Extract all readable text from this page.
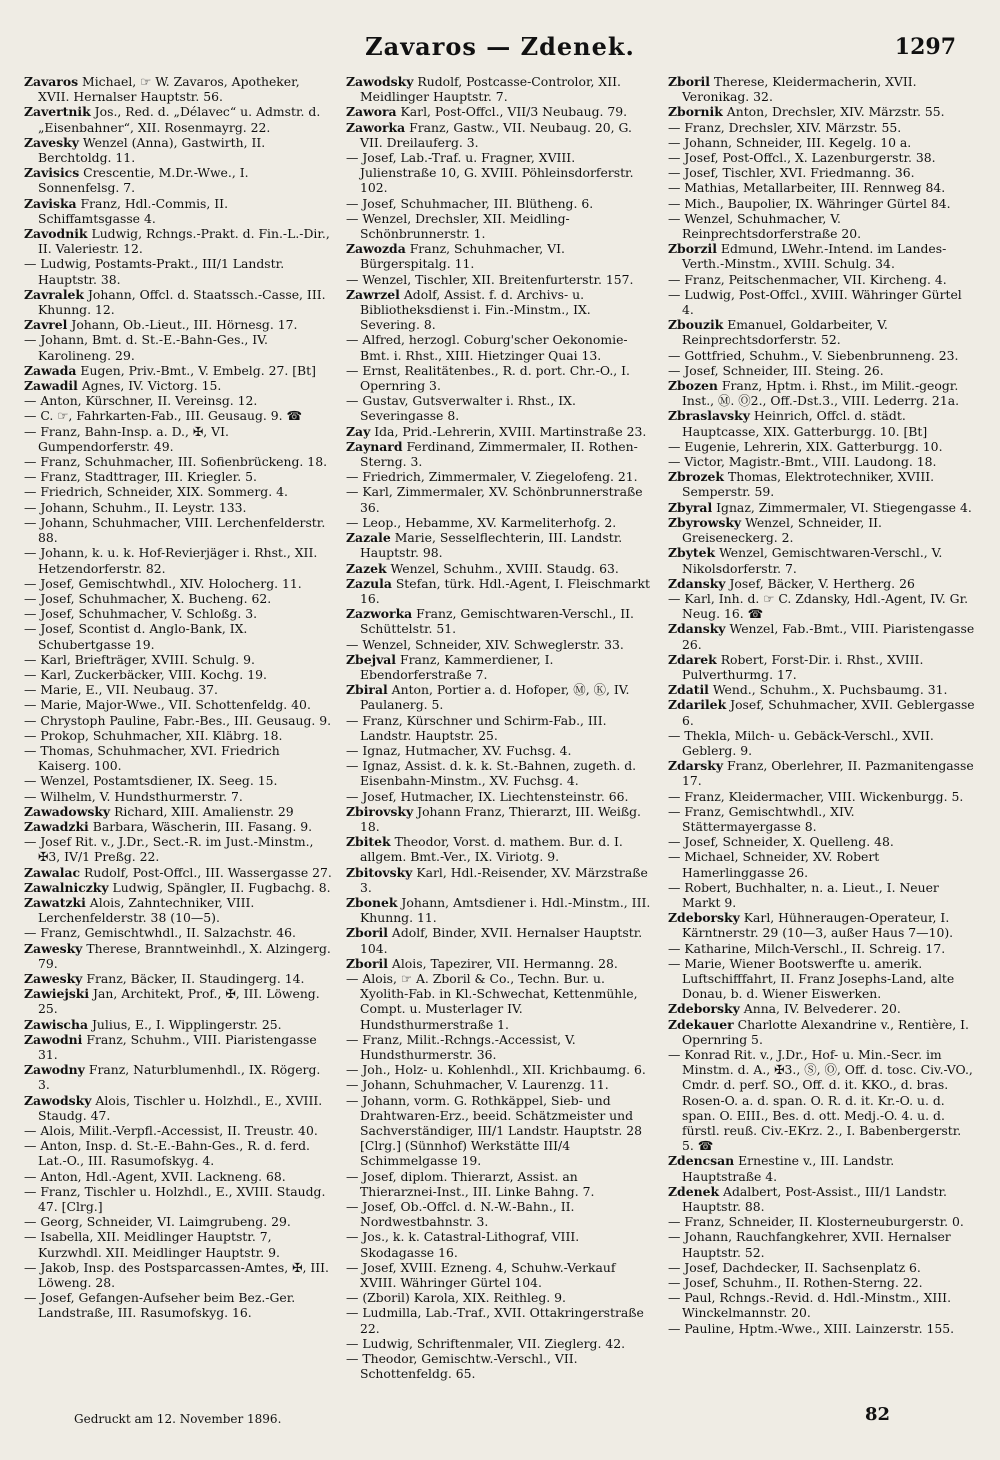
Zavaros — Zdenek.	1297

Zavaros Michael, ☞ W. Zavaros, Apotheker, XVII. Hernalser Hauptstr. 56.

Zavertnik Jos., Red. d. „Délavec“ u. Admstr. d. „Eisenbahner“, XII. Rosenmayrg. 22.

Zavesky Wenzel (Anna), Gastwirth, II. Berchtoldg. 11.

Zavisics Crescentie, M.Dr.-Wwe., I. Sonnenfelsg. 7.

Zaviska Franz, Hdl.-Commis, II. Schiffamtsgasse 4.

Zavodnik Ludwig, Rchngs.-Prakt. d. Fin.-L.-Dir., II. Valeriestr. 12.

— Ludwig, Postamts-Prakt., III/1 Landstr. Hauptstr. 38.

Zavralek Johann, Offcl. d. Staatssch.-Casse, III. Khunng. 12.

Zavrel Johann, Ob.-Lieut., III. Hörnesg. 17.

— Johann, Bmt. d. St.-E.-Bahn-Ges., IV. Karolineng. 29.

Zawada Eugen, Priv.-Bmt., V. Embelg. 27. [Bt]

Zawadil Agnes, IV. Victorg. 15.

— Anton, Kürschner, II. Vereinsg. 12.

— C. ☞, Fahrkarten-Fab., III. Geusaug. 9. ☎

— Franz, Bahn-Insp. a. D., ✠, VI. Gumpendorferstr. 49.

— Franz, Schuhmacher, III. Sofienbrückeng. 18.

— Franz, Stadttrager, III. Kriegler. 5.

— Friedrich, Schneider, XIX. Sommerg. 4.

— Johann, Schuhm., II. Leystr. 133.

— Johann, Schuhmacher, VIII. Lerchenfelderstr. 88.

— Johann, k. u. k. Hof-Revierjäger i. Rhst., XII. Hetzendorferstr. 82.

— Josef, Gemischtwhdl., XIV. Holocherg. 11.

— Josef, Schuhmacher, X. Bucheng. 62.

— Josef, Schuhmacher, V. Schloßg. 3.

— Josef, Scontist d. Anglo-Bank, IX. Schubertgasse 19.

— Karl, Briefträger, XVIII. Schulg. 9.

— Karl, Zuckerbäcker, VIII. Kochg. 19.

— Marie, E., VII. Neubaug. 37.

— Marie, Major-Wwe., VII. Schottenfeldg. 40.

— Chrystoph Pauline, Fabr.-Bes., III. Geusaug. 9.

— Prokop, Schuhmacher, XII. Kläbrg. 18.

— Thomas, Schuhmacher, XVI. Friedrich Kaiserg. 100.

— Wenzel, Postamtsdiener, IX. Seeg. 15.

— Wilhelm, V. Hundsthurmerstr. 7.

Zawadowsky Richard, XIII. Amalienstr. 29

Zawadzki Barbara, Wäscherin, III. Fasang. 9.

— Josef Rit. v., J.Dr., Sect.-R. im Just.-Minstm., ✠3, IV/1 Preßg. 22.

Zawalac Rudolf, Post-Offcl., III. Wassergasse 27.

Zawalniczky Ludwig, Spängler, II. Fugbachg. 8.

Zawatzki Alois, Zahntechniker, VIII. Lerchenfelderstr. 38 (10—5).

— Franz, Gemischtwhdl., II. Salzachstr. 46.

Zawesky Therese, Branntweinhdl., X. Alzingerg. 79.

Zawesky Franz, Bäcker, II. Staudingerg. 14.

Zawiejski Jan, Architekt, Prof., ✠, III. Löweng. 25.

Zawischa Julius, E., I. Wipplingerstr. 25.

Zawodni Franz, Schuhm., VIII. Piaristengasse 31.

Zawodny Franz, Naturblumenhdl., IX. Rögerg. 3.

Zawodsky Alois, Tischler u. Holzhdl., E., XVIII. Staudg. 47.

— Alois, Milit.-Verpfl.-Accessist, II. Treustr. 40.

— Anton, Insp. d. St.-E.-Bahn-Ges., R. d. ferd. Lat.-O., III. Rasumofskyg. 4.

— Anton, Hdl.-Agent, XVII. Lackneng. 68.

— Franz, Tischler u. Holzhdl., E., XVIII. Staudg. 47. [Clrg.]

— Georg, Schneider, VI. Laimgrubeng. 29.

— Isabella, XII. Meidlinger Hauptstr. 7, Kurzwhdl. XII. Meidlinger Hauptstr. 9.

— Jakob, Insp. des Postsparcassen-Amtes, ✠, III. Löweng. 28.

— Josef, Gefangen-Aufseher beim Bez.-Ger. Landstraße, III. Rasumofskyg. 16.

Zawodsky Rudolf, Postcasse-Controlor, XII. Meidlinger Hauptstr. 7.

Zawora Karl, Post-Offcl., VII/3 Neubaug. 79.

Zaworka Franz, Gastw., VII. Neubaug. 20, G. VII. Dreilauferg. 3.

— Josef, Lab.-Traf. u. Fragner, XVIII. Julienstraße 10, G. XVIII. Pöhleinsdorferstr. 102.

— Josef, Schuhmacher, III. Blütheng. 6.

— Wenzel, Drechsler, XII. Meidling-Schönbrunnerstr. 1.

Zawozda Franz, Schuhmacher, VI. Bürgerspitalg. 11.

— Wenzel, Tischler, XII. Breitenfurterstr. 157.

Zawrzel Adolf, Assist. f. d. Archivs- u. Bibliotheksdienst i. Fin.-Minstm., IX. Severing. 8.

— Alfred, herzogl. Coburg'scher Oekonomie-Bmt. i. Rhst., XIII. Hietzinger Quai 13.

— Ernst, Realitätenbes., R. d. port. Chr.-O., I. Opernring 3.

— Gustav, Gutsverwalter i. Rhst., IX. Severingasse 8.

Zay Ida, Prid.-Lehrerin, XVIII. Martinstraße 23.

Zaynard Ferdinand, Zimmermaler, II. Rothen-Sterng. 3.

— Friedrich, Zimmermaler, V. Ziegelofeng. 21.

— Karl, Zimmermaler, XV. Schönbrunnerstraße 36.

— Leop., Hebamme, XV. Karmeliterhofg. 2.

Zazale Marie, Sesselflechterin, III. Landstr. Hauptstr. 98.

Zazek Wenzel, Schuhm., XVIII. Staudg. 63.

Zazula Stefan, türk. Hdl.-Agent, I. Fleischmarkt 16.

Zazworka Franz, Gemischtwaren-Verschl., II. Schüttelstr. 51.

— Wenzel, Schneider, XIV. Schweglerstr. 33.

Zbejval Franz, Kammerdiener, I. Ebendorferstraße 7.

Zbiral Anton, Portier a. d. Hofoper, Ⓜ, Ⓚ, IV. Paulanerg. 5.

— Franz, Kürschner und Schirm-Fab., III. Landstr. Hauptstr. 25.

— Ignaz, Hutmacher, XV. Fuchsg. 4.

— Ignaz, Assist. d. k. k. St.-Bahnen, zugeth. d. Eisenbahn-Minstm., XV. Fuchsg. 4.

— Josef, Hutmacher, IX. Liechtensteinstr. 66.

Zbirovsky Johann Franz, Thierarzt, III. Weißg. 18.

Zbitek Theodor, Vorst. d. mathem. Bur. d. I. allgem. Bmt.-Ver., IX. Viriotg. 9.

Zbitovsky Karl, Hdl.-Reisender, XV. Märzstraße 3.

Zbonek Johann, Amtsdiener i. Hdl.-Minstm., III. Khunng. 11.

Zboril Adolf, Binder, XVII. Hernalser Hauptstr. 104.

Zboril Alois, Tapezirer, VII. Hermanng. 28.

— Alois, ☞ A. Zboril & Co., Techn. Bur. u. Xyolith-Fab. in Kl.-Schwechat, Kettenmühle, Compt. u. Musterlager IV. Hundsthurmerstraße 1.

— Franz, Milit.-Rchngs.-Accessist, V. Hundsthurmerstr. 36.

— Joh., Holz- u. Kohlenhdl., XII. Krichbaumg. 6.

— Johann, Schuhmacher, V. Laurenzg. 11.

— Johann, vorm. G. Rothkäppel, Sieb- und Drahtwaren-Erz., beeid. Schätzmeister und Sachverständiger, III/1 Landstr. Hauptstr. 28 [Clrg.] (Sünnhof) Werkstätte III/4 Schimmelgasse 19.

— Josef, diplom. Thierarzt, Assist. an Thierarznei-Inst., III. Linke Bahng. 7.

— Josef, Ob.-Offcl. d. N.-W.-Bahn., II. Nordwestbahnstr. 3.

— Jos., k. k. Catastral-Lithograf, VIII. Skodagasse 16.

— Josef, XVIII. Ezneng. 4, Schuhw.-Verkauf XVIII. Währinger Gürtel 104.

— (Zboril) Karola, XIX. Reithleg. 9.

— Ludmilla, Lab.-Traf., XVII. Ottakringerstraße 22.

— Ludwig, Schriftenmaler, VII. Zieglerg. 42.

— Theodor, Gemischtw.-Verschl., VII. Schottenfeldg. 65.

Zboril Therese, Kleidermacherin, XVII. Veronikag. 32.

Zbornik Anton, Drechsler, XIV. Märzstr. 55.

— Franz, Drechsler, XIV. Märzstr. 55.

— Johann, Schneider, III. Kegelg. 10 a.

— Josef, Post-Offcl., X. Lazenburgerstr. 38.

— Josef, Tischler, XVI. Friedmanng. 36.

— Mathias, Metallarbeiter, III. Rennweg 84.

— Mich., Baupolier, IX. Währinger Gürtel 84.

— Wenzel, Schuhmacher, V. Reinprechtsdorferstraße 20.

Zborzil Edmund, LWehr.-Intend. im Landes-Verth.-Minstm., XVIII. Schulg. 34.

— Franz, Peitschenmacher, VII. Kircheng. 4.

— Ludwig, Post-Offcl., XVIII. Währinger Gürtel 4.

Zbouzik Emanuel, Goldarbeiter, V. Reinprechtsdorferstr. 52.

— Gottfried, Schuhm., V. Siebenbrunneng. 23.

— Josef, Schneider, III. Steing. 26.

Zbozen Franz, Hptm. i. Rhst., im Milit.-geogr. Inst., Ⓜ. Ⓞ2., Off.-Dst.3., VIII. Lederrg. 21a.

Zbraslavsky Heinrich, Offcl. d. städt. Hauptcasse, XIX. Gatterburgg. 10. [Bt]

— Eugenie, Lehrerin, XIX. Gatterburgg. 10.

— Victor, Magistr.-Bmt., VIII. Laudong. 18.

Zbrozek Thomas, Elektrotechniker, XVIII. Semperstr. 59.

Zbyral Ignaz, Zimmermaler, VI. Stiegengasse 4.

Zbyrowsky Wenzel, Schneider, II. Greiseneckerg. 2.

Zbytek Wenzel, Gemischtwaren-Verschl., V. Nikolsdorferstr. 7.

Zdansky Josef, Bäcker, V. Hertherg. 26

— Karl, Inh. d. ☞ C. Zdansky, Hdl.-Agent, IV. Gr. Neug. 16. ☎

Zdansky Wenzel, Fab.-Bmt., VIII. Piaristengasse 26.

Zdarek Robert, Forst-Dir. i. Rhst., XVIII. Pulverthurmg. 17.

Zdatil Wend., Schuhm., X. Puchsbaumg. 31.

Zdarilek Josef, Schuhmacher, XVII. Geblergasse 6.

— Thekla, Milch- u. Gebäck-Verschl., XVII. Geblerg. 9.

Zdarsky Franz, Oberlehrer, II. Pazmanitengasse 17.

— Franz, Kleidermacher, VIII. Wickenburgg. 5.

— Franz, Gemischtwhdl., XIV. Stättermayergasse 8.

— Josef, Schneider, X. Quelleng. 48.

— Michael, Schneider, XV. Robert Hamerlinggasse 26.

— Robert, Buchhalter, n. a. Lieut., I. Neuer Markt 9.

Zdeborsky Karl, Hühneraugen-Operateur, I. Kärntnerstr. 29 (10—3, außer Haus 7—10).

— Katharine, Milch-Verschl., II. Schreig. 17.

— Marie, Wiener Bootswerfte u. amerik. Luftschifffahrt, II. Franz Josephs-Land, alte Donau, b. d. Wiener Eiswerken.

Zdeborsky Anna, IV. Belvederег. 20.

Zdekauer Charlotte Alexandrine v., Rentière, I. Opernring 5.

— Konrad Rit. v., J.Dr., Hof- u. Min.-Secr. im Minstm. d. A., ✠3., Ⓢ, Ⓞ, Off. d. tosc. Civ.-VO., Cmdr. d. perf. SO., Off. d. it. KKO., d. bras. Rosen-O. a. d. span. O. R. d. it. Kr.-O. u. d. span. O. EIII., Bes. d. ott. Medj.-O. 4. u. d. fürstl. reuß. Civ.-EKrz. 2., I. Babenbergerstr. 5. ☎

Zdencsan Ernestine v., III. Landstr. Hauptstraße 4.

Zdenek Adalbert, Post-Assist., III/1 Landstr. Hauptstr. 88.

— Franz, Schneider, II. Klosterneuburgerstr. 0.

— Johann, Rauchfangkehrer, XVII. Hernalser Hauptstr. 52.

— Josef, Dachdecker, II. Sachsenplatz 6.

— Josef, Schuhm., II. Rothen-Sterng. 22.

— Paul, Rchngs.-Revid. d. Hdl.-Minstm., XIII. Winckelmannstr. 20.

— Pauline, Hptm.-Wwe., XIII. Lainzerstr. 155.

Gedruckt am 12. November 1896.	82
